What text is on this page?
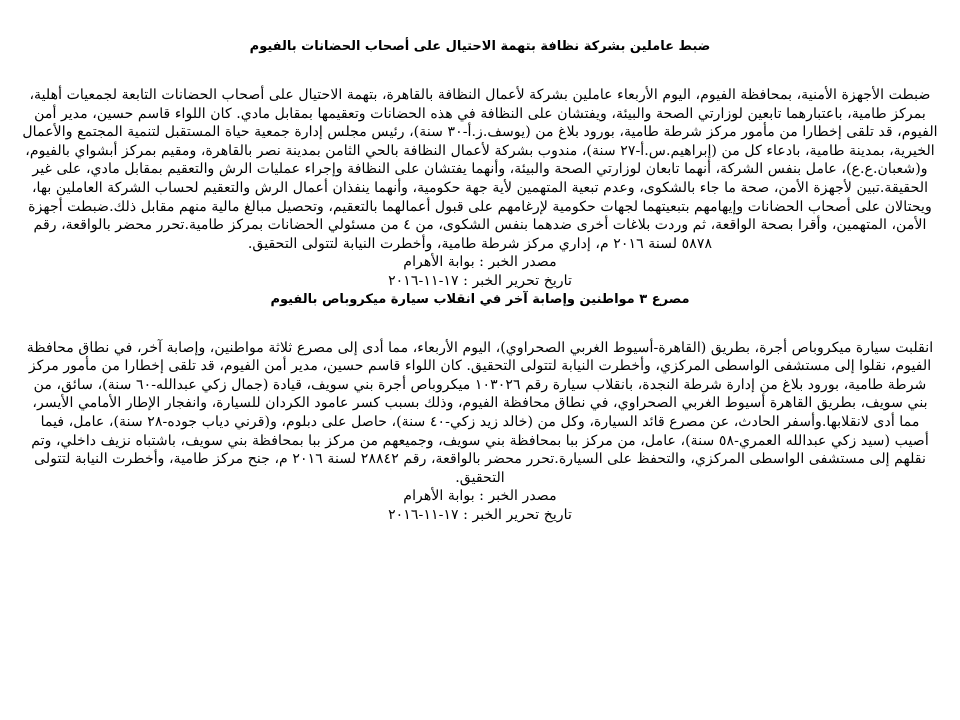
ضبط عاملين بشركة نظافة بتهمة الاحتيال على أصحاب الحضانات بالفيوم

ضبطت الأجهزة الأمنية، بمحافظة الفيوم، اليوم الأربعاء عاملين بشركة لأعمال النظافة بالقاهرة، بتهمة الاحتيال على أصحاب الحضانات التابعة لجمعيات أهلية، بمركز طامية، باعتبارهما تابعين لوزارتي الصحة والبيئة، ويفتشان على النظافة في هذه الحضانات وتعقيمها بمقابل مادي. كان اللواء قاسم حسين، مدير أمن الفيوم، قد تلقى إخطارا من مأمور مركز شرطة طامية، بورود بلاغ من (يوسف.ز.أ-٣٠ سنة)، رئيس مجلس إدارة جمعية حياة المستقبل لتنمية المجتمع والأعمال الخيرية، بمدينة طامية، بادعاء كل من (إبراهيم.س.أ-٢٧ سنة)، مندوب بشركة لأعمال النظافة بالحي الثامن بمدينة نصر بالقاهرة، ومقيم بمركز أبشواي بالفيوم، و(شعبان.ع.ع)، عامل بنفس الشركة، أنهما تابعان لوزارتي الصحة والبيئة، وأنهما يفتشان على النظافة وإجراء عمليات الرش والتعقيم بمقابل مادي، على غير الحقيقة.تبين لأجهزة الأمن، صحة ما جاء بالشكوى، وعدم تبعية المتهمين لأية جهة حكومية، وأنهما ينفذان أعمال الرش والتعقيم لحساب الشركة العاملين بها، ويحتالان على أصحاب الحضانات وإيهامهم بتبعيتهما لجهات حكومية لإرغامهم على قبول أعمالهما بالتعقيم، وتحصيل مبالغ مالية منهم مقابل ذلك.ضبطت أجهزة الأمن، المتهمين، وأقرا بصحة الواقعة، ثم وردت بلاغات أخرى ضدهما بنفس الشكوى، من ٤ من مسئولي الحضانات بمركز طامية.تحرر محضر بالواقعة، رقم ٥٨٧٨ لسنة ٢٠١٦ م، إداري مركز شرطة طامية، وأخطرت النيابة لتتولى التحقيق.

مصدر الخبر : بوابة الأهرام

تاريخ تحرير الخبر : ١٧-١١-٢٠١٦

مصرع ٣ مواطنين وإصابة آخر في انقلاب سيارة ميكروباص بالفيوم

انقلبت سيارة ميكروباص أجرة، بطريق (القاهرة-أسيوط الغربي الصحراوي)، اليوم الأربعاء، مما أدى إلى مصرع ثلاثة مواطنين، وإصابة آخر، في نطاق محافظة الفيوم، نقلوا إلى مستشفى الواسطى المركزي، وأخطرت النيابة لتتولى التحقيق. كان اللواء قاسم حسين، مدير أمن الفيوم، قد تلقى إخطارا من مأمور مركز شرطة طامية، بورود بلاغ من إدارة شرطة النجدة، بانقلاب سيارة رقم ١٠٣٠٢٦ ميكروباص أجرة بني سويف، قيادة (جمال زكي عبدالله-٦٠ سنة)، سائق، من بني سويف، بطريق القاهرة أسيوط الغربي الصحراوي، في نطاق محافظة الفيوم، وذلك بسبب كسر عامود الكردان للسيارة، وانفجار الإطار الأمامي الأيسر، مما أدى لانقلابها.وأسفر الحادث، عن مصرع قائد السيارة، وكل من (خالد زيد زكي-٤٠ سنة)، حاصل على دبلوم، و(قرني دياب جوده-٢٨ سنة)، عامل، فيما أصيب (سيد زكي عبدالله العمري-٥٨ سنة)، عامل، من مركز ببا بمحافظة بني سويف، وجميعهم من مركز ببا بمحافظة بني سويف، باشتباه نزيف داخلي، وتم نقلهم إلى مستشفى الواسطى المركزي، والتحفظ على السيارة.تحرر محضر بالواقعة، رقم ٢٨٨٤٢ لسنة ٢٠١٦ م، جنح مركز طامية، وأخطرت النيابة لتتولى التحقيق.

مصدر الخبر : بوابة الأهرام

تاريخ تحرير الخبر : ١٧-١١-٢٠١٦
